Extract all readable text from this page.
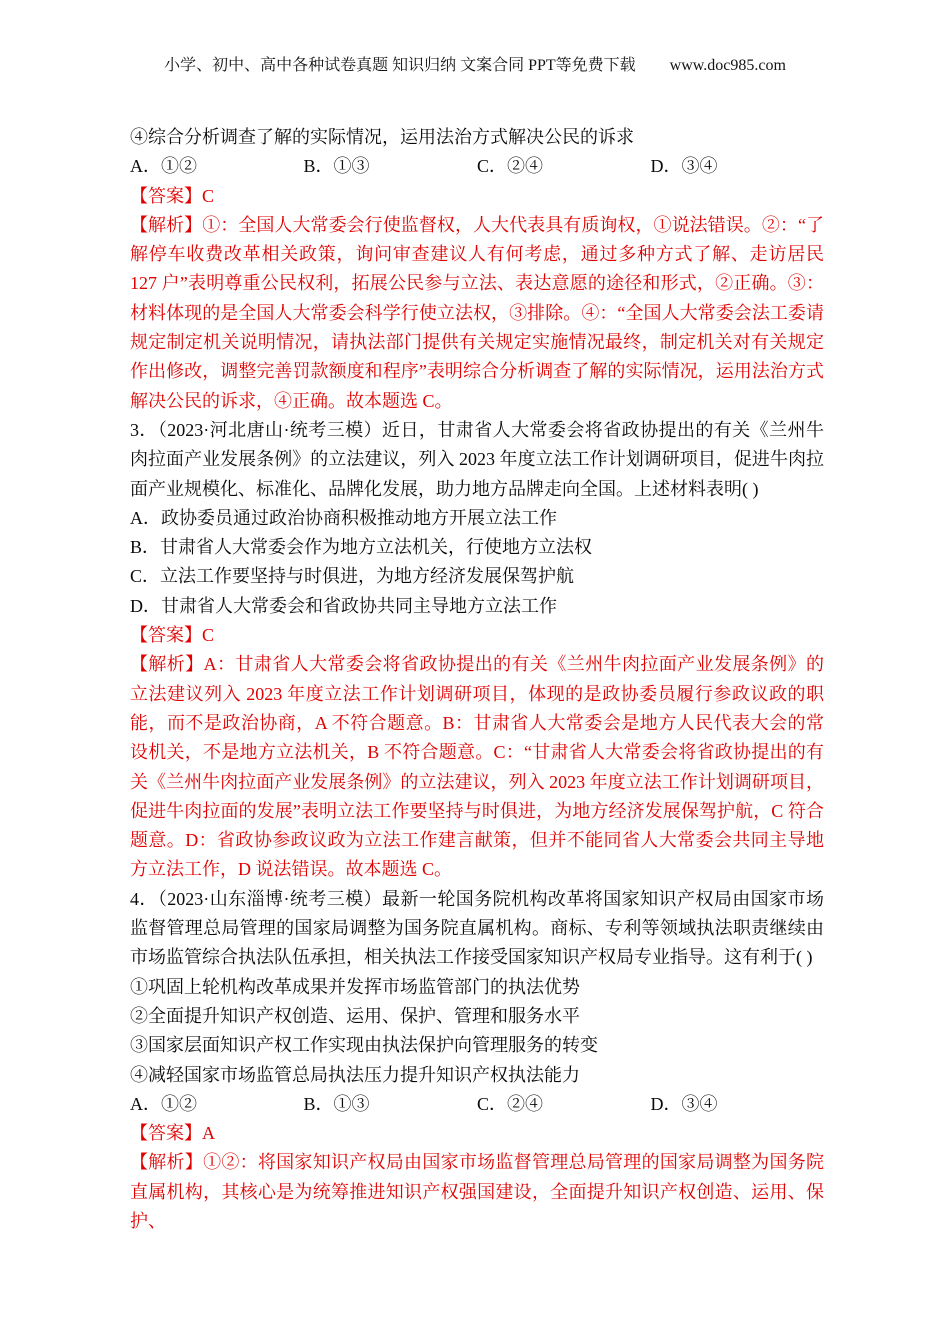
小学、初中、高中各种试卷真题 知识归纳 文案合同 PPT等免费下载 www.doc985.com

④综合分析调查了解的实际情况，运用法治方式解决公民的诉求

A．①②	B．①③	C．②④	D．③④

【答案】C

【解析】①：全国人大常委会行使监督权，人大代表具有质询权，①说法错误。②：“了解停车收费改革相关政策，询问审查建议人有何考虑，通过多种方式了解、走访居民 127 户”表明尊重公民权利，拓展公民参与立法、表达意愿的途径和形式，②正确。③：材料体现的是全国人大常委会科学行使立法权，③排除。④：“全国人大常委会法工委请规定制定机关说明情况，请执法部门提供有关规定实施情况最终，制定机关对有关规定作出修改，调整完善罚款额度和程序”表明综合分析调查了解的实际情况，运用法治方式解决公民的诉求，④正确。故本题选 C。

3．（2023·河北唐山·统考三模）近日，甘肃省人大常委会将省政协提出的有关《兰州牛肉拉面产业发展条例》的立法建议，列入 2023 年度立法工作计划调研项目，促进牛肉拉面产业规模化、标准化、品牌化发展，助力地方品牌走向全国。上述材料表明( )

A．政协委员通过政治协商积极推动地方开展立法工作

B．甘肃省人大常委会作为地方立法机关，行使地方立法权

C．立法工作要坚持与时俱进，为地方经济发展保驾护航

D．甘肃省人大常委会和省政协共同主导地方立法工作

【答案】C

【解析】A：甘肃省人大常委会将省政协提出的有关《兰州牛肉拉面产业发展条例》的立法建议列入 2023 年度立法工作计划调研项目，体现的是政协委员履行参政议政的职能，而不是政治协商，A 不符合题意。B：甘肃省人大常委会是地方人民代表大会的常设机关，不是地方立法机关，B 不符合题意。C：“甘肃省人大常委会将省政协提出的有关《兰州牛肉拉面产业发展条例》的立法建议，列入 2023 年度立法工作计划调研项目，促进牛肉拉面的发展”表明立法工作要坚持与时俱进，为地方经济发展保驾护航，C 符合题意。D：省政协参政议政为立法工作建言献策，但并不能同省人大常委会共同主导地方立法工作，D 说法错误。故本题选 C。

4．（2023·山东淄博·统考三模）最新一轮国务院机构改革将国家知识产权局由国家市场监督管理总局管理的国家局调整为国务院直属机构。商标、专利等领域执法职责继续由市场监管综合执法队伍承担，相关执法工作接受国家知识产权局专业指导。这有利于( )

①巩固上轮机构改革成果并发挥市场监管部门的执法优势

②全面提升知识产权创造、运用、保护、管理和服务水平

③国家层面知识产权工作实现由执法保护向管理服务的转变

④减轻国家市场监管总局执法压力提升知识产权执法能力

A．①②	B．①③	C．②④	D．③④

【答案】A

【解析】①②：将国家知识产权局由国家市场监督管理总局管理的国家局调整为国务院直属机构，其核心是为统筹推进知识产权强国建设，全面提升知识产权创造、运用、保护、
